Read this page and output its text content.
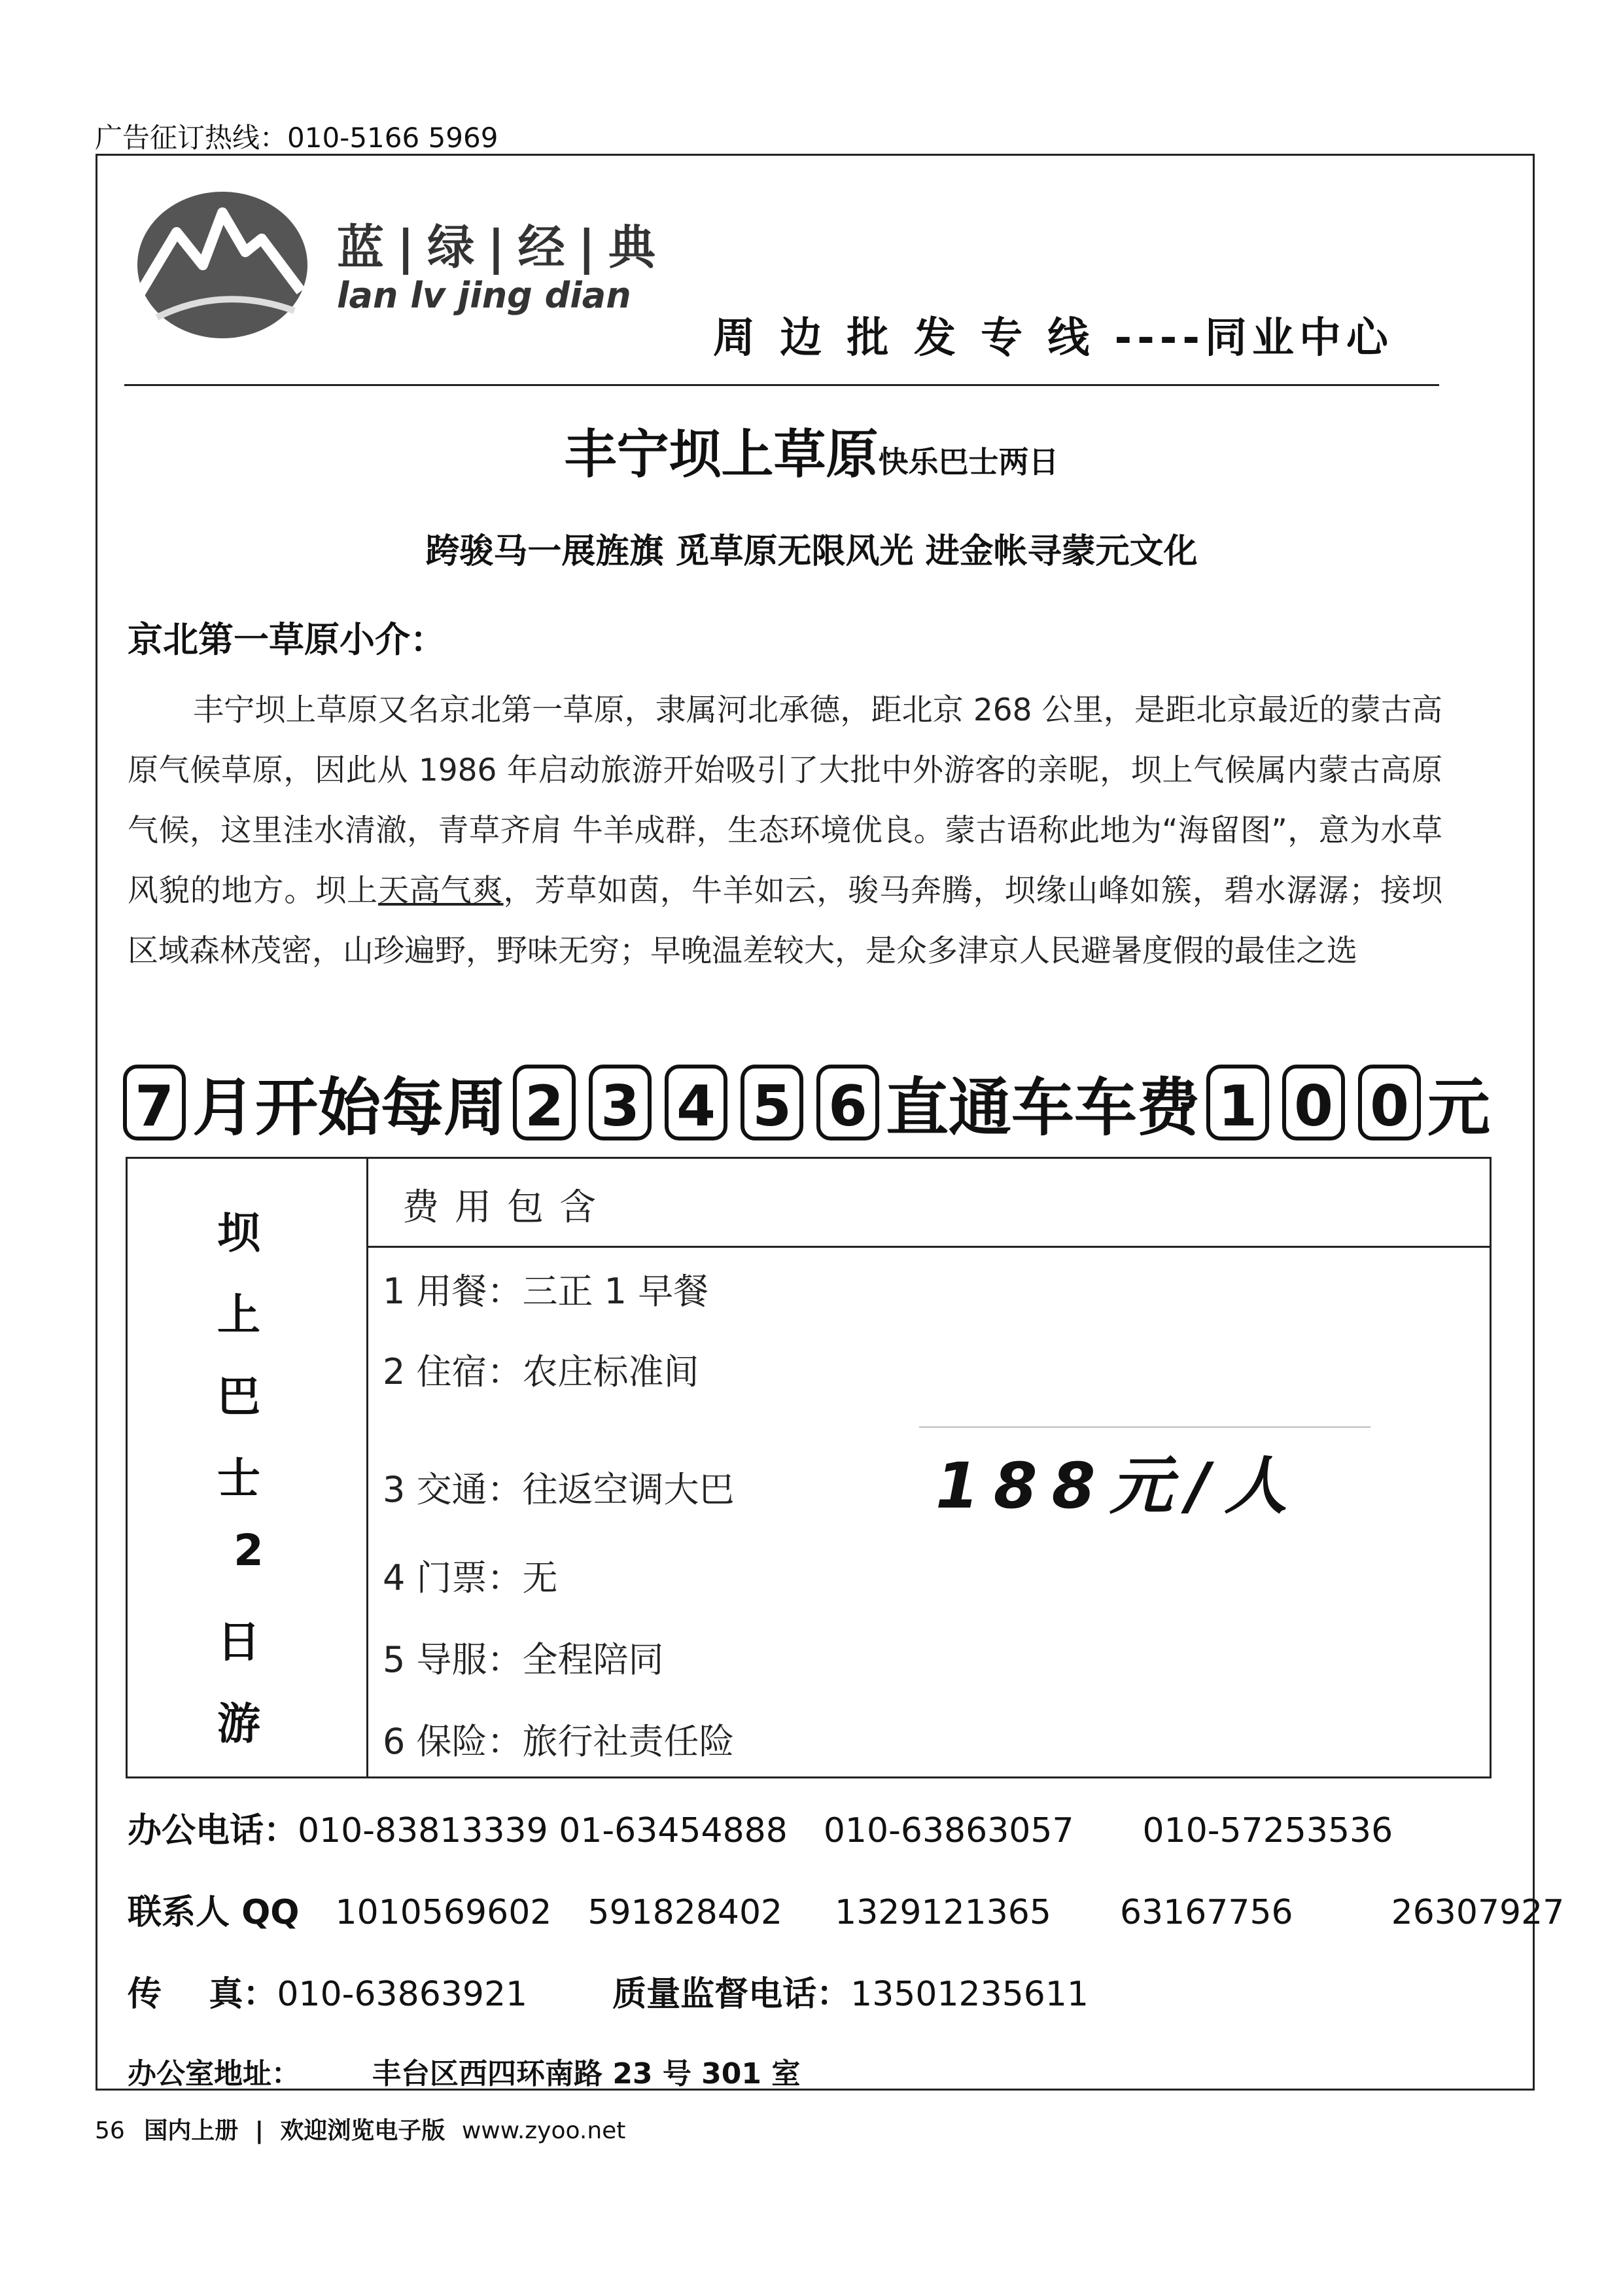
广告征订热线：010-5166 5969
蓝|绿|经|典
lan lv jing dian
周 边 批 发 专 线 ----同业中心
丰宁坝上草原快乐巴士两日
跨骏马一展旌旗 觅草原无限风光 进金帐寻蒙元文化
京北第一草原小介：
丰宁坝上草原又名京北第一草原，隶属河北承德，距北京 268 公里，是距北京最近的蒙古高原气候草原，因此从 1986 年启动旅游开始吸引了大批中外游客的亲昵，坝上气候属内蒙古高原气候，这里洼水清澈，青草齐肩 牛羊成群，生态环境优良。蒙古语称此地为“海留图”，意为水草风貌的地方。坝上天高气爽，芳草如茵，牛羊如云，骏马奔腾，坝缘山峰如簇，碧水潺潺；接坝区域森林茂密，山珍遍野，野味无穷；早晚温差较大，是众多津京人民避暑度假的最佳之选
7 月开始每周 2 3 4 5 6 直通车车费 1 0 0 元
坝
上
巴
士
2
日
游
费用包含
1 用餐：三正 1 早餐
2 住宿：农庄标准间
3 交通：往返空调大巴
4 门票：无
5 导服：全程陪同
6 保险：旅行社责任险
188元/人
办公电话：010-83813339 01-63454888 010-63863057 010-57253536
联系人 QQ 1010569602 591828402 1329121365 63167756	26307927
传    真：010-63863921	质量监督电话：13501235611
办公室地址：	丰台区西四环南路 23 号 301 室
56 国内上册 | 欢迎浏览电子版 www.zyoo.net
